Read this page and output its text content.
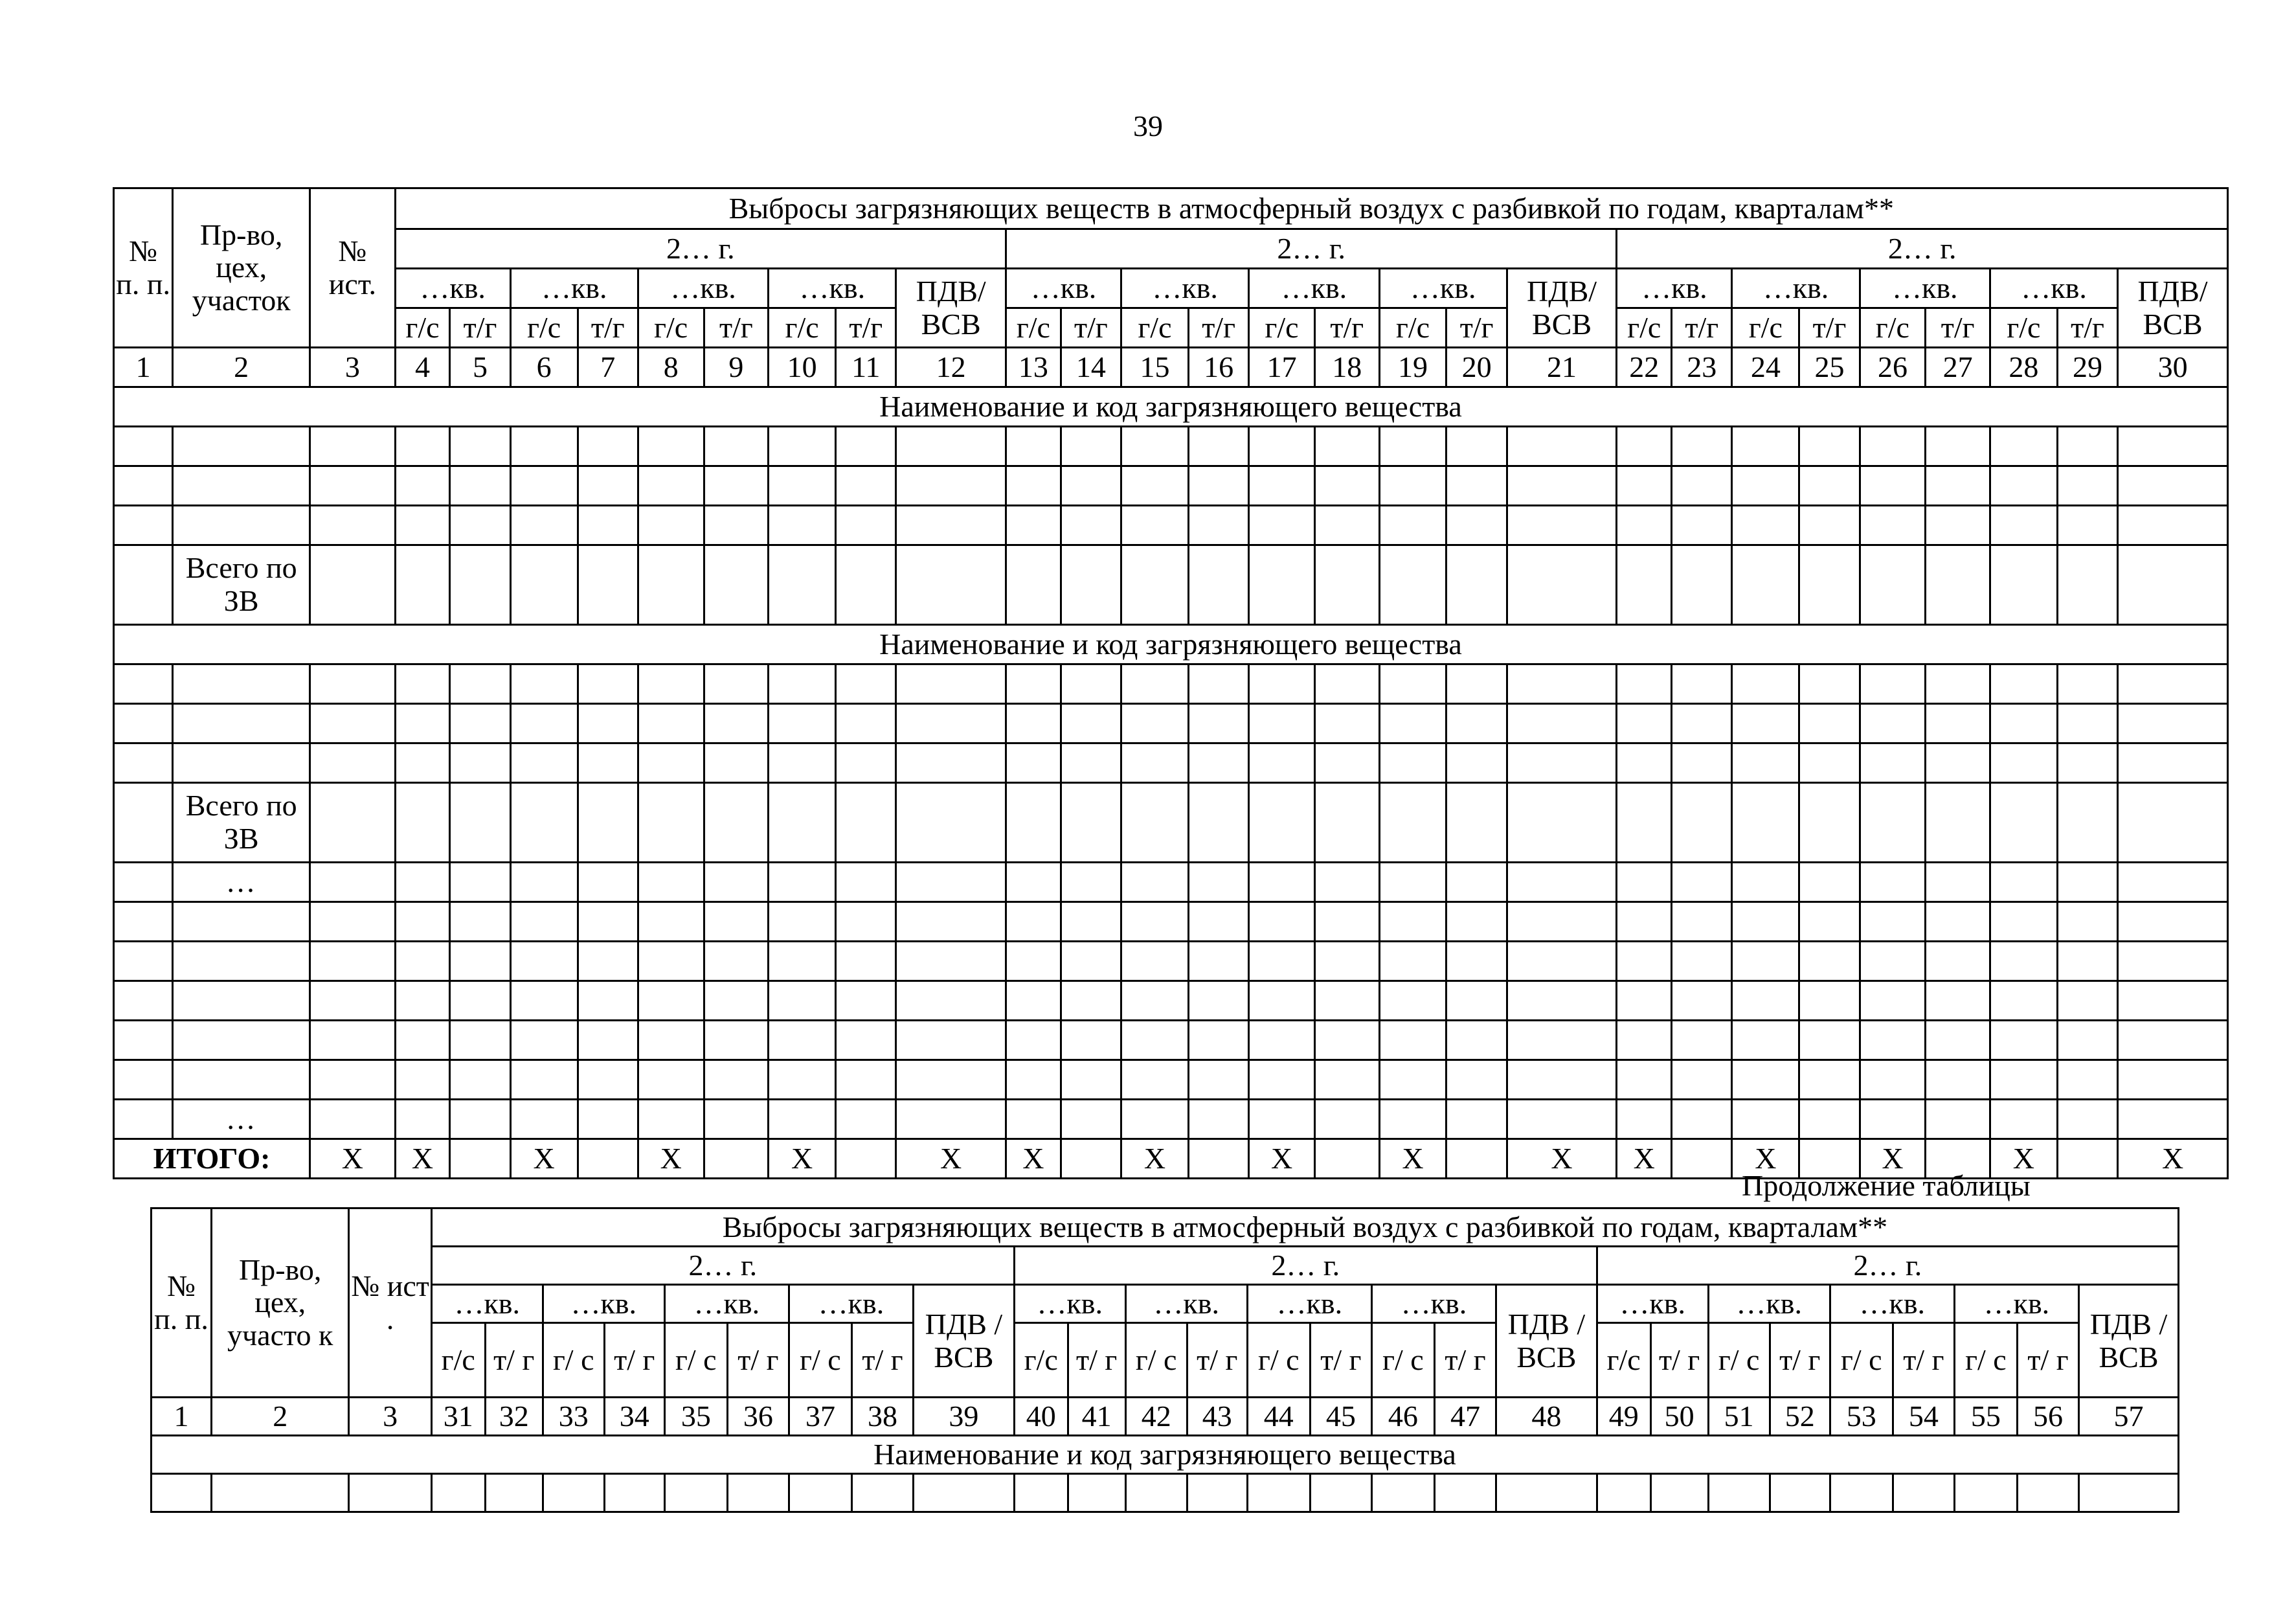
39
№ п. п.	Пр-во, цех, участок	№ ист.	Выбросы загрязняющих веществ в атмосферный воздух с разбивкой по годам, кварталам**																										
			2… г.									2… г.									2… г.								
			…кв.		…кв.		…кв.		…кв.		ПДВ/ ВСВ	…кв.		…кв.		…кв.		…кв.		ПДВ/ ВСВ	…кв.		…кв.		…кв.		…кв.		ПДВ/ ВСВ
			г/с	т/г	г/с	т/г	г/с	т/г	г/с	т/г		г/с	т/г	г/с	т/г	г/с	т/г	г/с	т/г		г/с	т/г	г/с	т/г	г/с	т/г	г/с	т/г	
1	2	3	4	5	6	7	8	9	10	11	12	13	14	15	16	17	18	19	20	21	22	23	24	25	26	27	28	29	30
Наименование и код загрязняющего вещества																													

	Всего по ЗВ																												
Наименование и код загрязняющего вещества																													

	Всего по ЗВ																												
	…																												

	…																												
ИТОГО:		Х	Х		Х		Х		Х		Х	Х		Х		Х		Х		Х	Х		Х		Х		Х		Х
Продолжение таблицы
№ п. п.	Пр-во, цех, участо к	№ ист .	Выбросы загрязняющих веществ в атмосферный воздух с разбивкой по годам, кварталам**																										
			2… г.									2… г.									2… г.								
			…кв.		…кв.		…кв.		…кв.		ПДВ / ВСВ	…кв.		…кв.		…кв.		…кв.		ПДВ / ВСВ	…кв.		…кв.		…кв.		…кв.		ПДВ / ВСВ
			г/с	т/ г	г/ с	т/ г	г/ с	т/ г	г/ с	т/ г		г/с	т/ г	г/ с	т/ г	г/ с	т/ г	г/ с	т/ г		г/с	т/ г	г/ с	т/ г	г/ с	т/ г	г/ с	т/ г	
1	2	3	31	32	33	34	35	36	37	38	39	40	41	42	43	44	45	46	47	48	49	50	51	52	53	54	55	56	57
Наименование и код загрязняющего вещества																													
